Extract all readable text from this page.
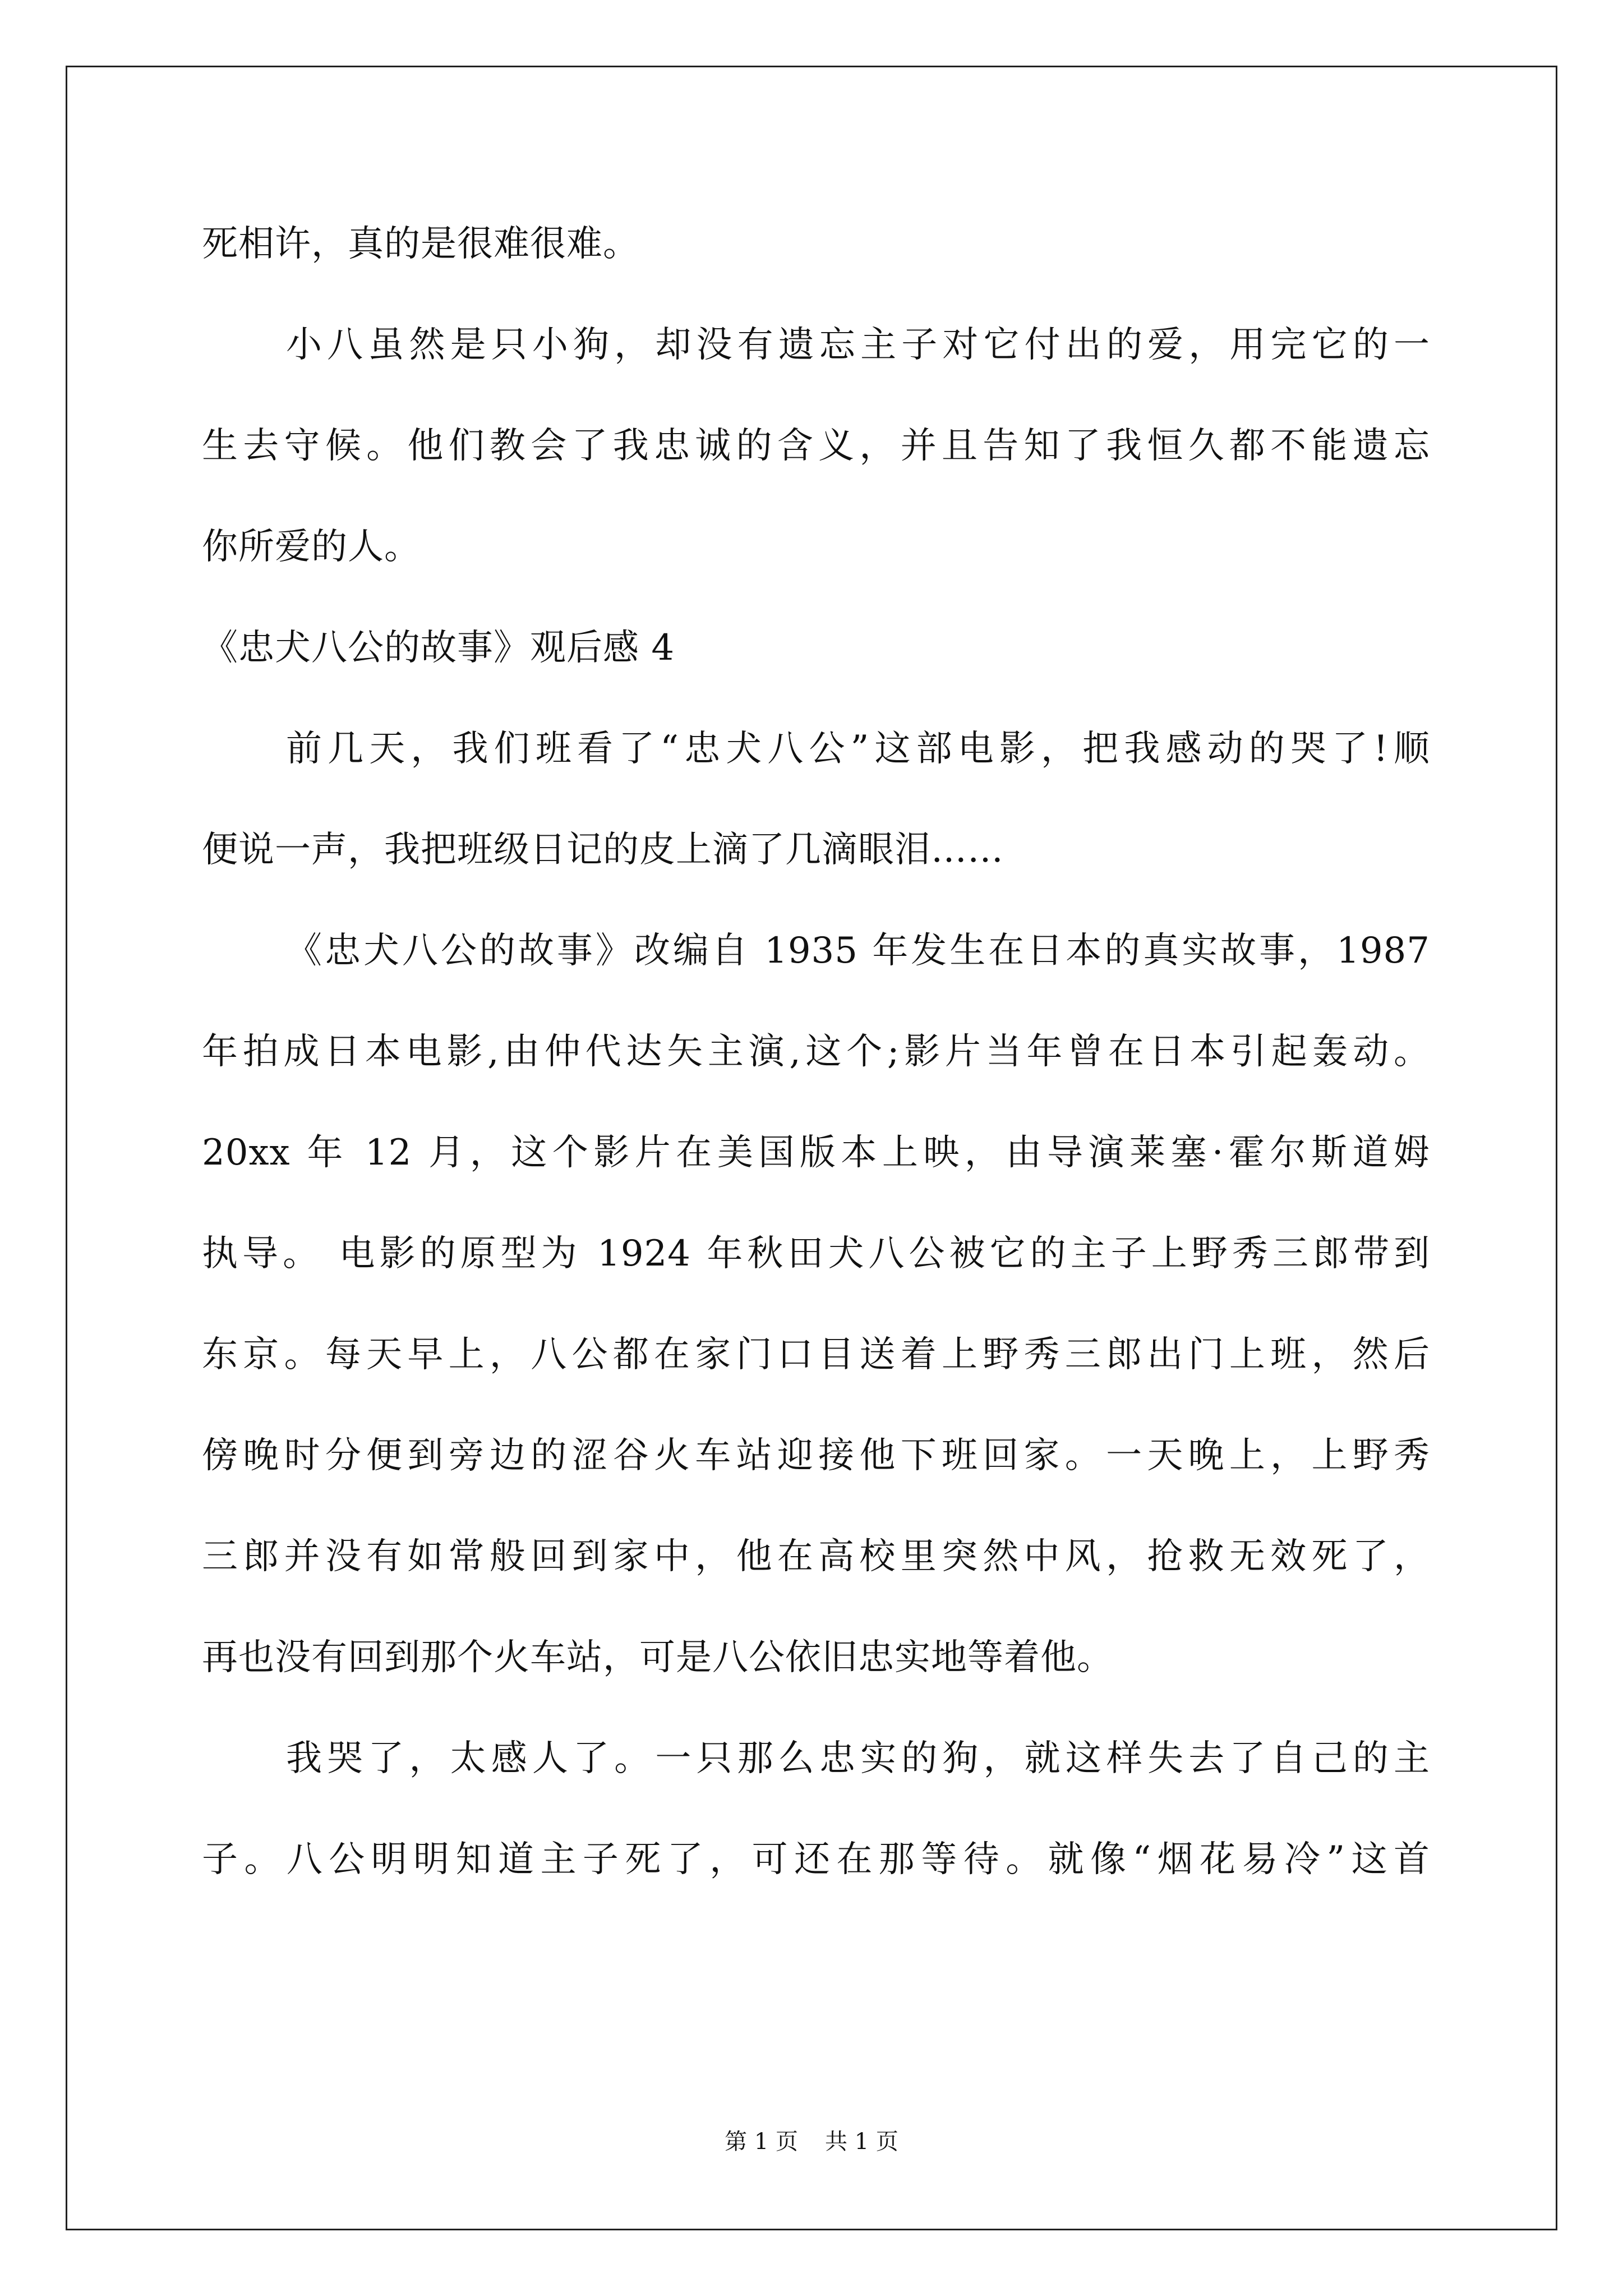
死相许，真的是很难很难。
小八虽然是只小狗，却没有遗忘主子对它付出的爱，用完它的一
生去守候。他们教会了我忠诚的含义，并且告知了我恒久都不能遗忘
你所爱的人。
《忠犬八公的故事》观后感 4
前几天，我们班看了“忠犬八公”这部电影，把我感动的哭了!顺
便说一声，我把班级日记的皮上滴了几滴眼泪……
《忠犬八公的故事》改编自 1935 年发生在日本的真实故事，1987
年拍成日本电影,由仲代达矢主演,这个;影片当年曾在日本引起轰动。
20xx 年 12 月，这个影片在美国版本上映，由导演莱塞·霍尔斯道姆
执导。 电影的原型为 1924 年秋田犬八公被它的主子上野秀三郎带到
东京。每天早上，八公都在家门口目送着上野秀三郎出门上班，然后
傍晚时分便到旁边的涩谷火车站迎接他下班回家。一天晚上，上野秀
三郎并没有如常般回到家中，他在高校里突然中风，抢救无效死了，
再也没有回到那个火车站，可是八公依旧忠实地等着他。
我哭了，太感人了。一只那么忠实的狗，就这样失去了自己的主
子。八公明明知道主子死了，可还在那等待。就像“烟花易冷”这首
第 1 页 共 1 页
